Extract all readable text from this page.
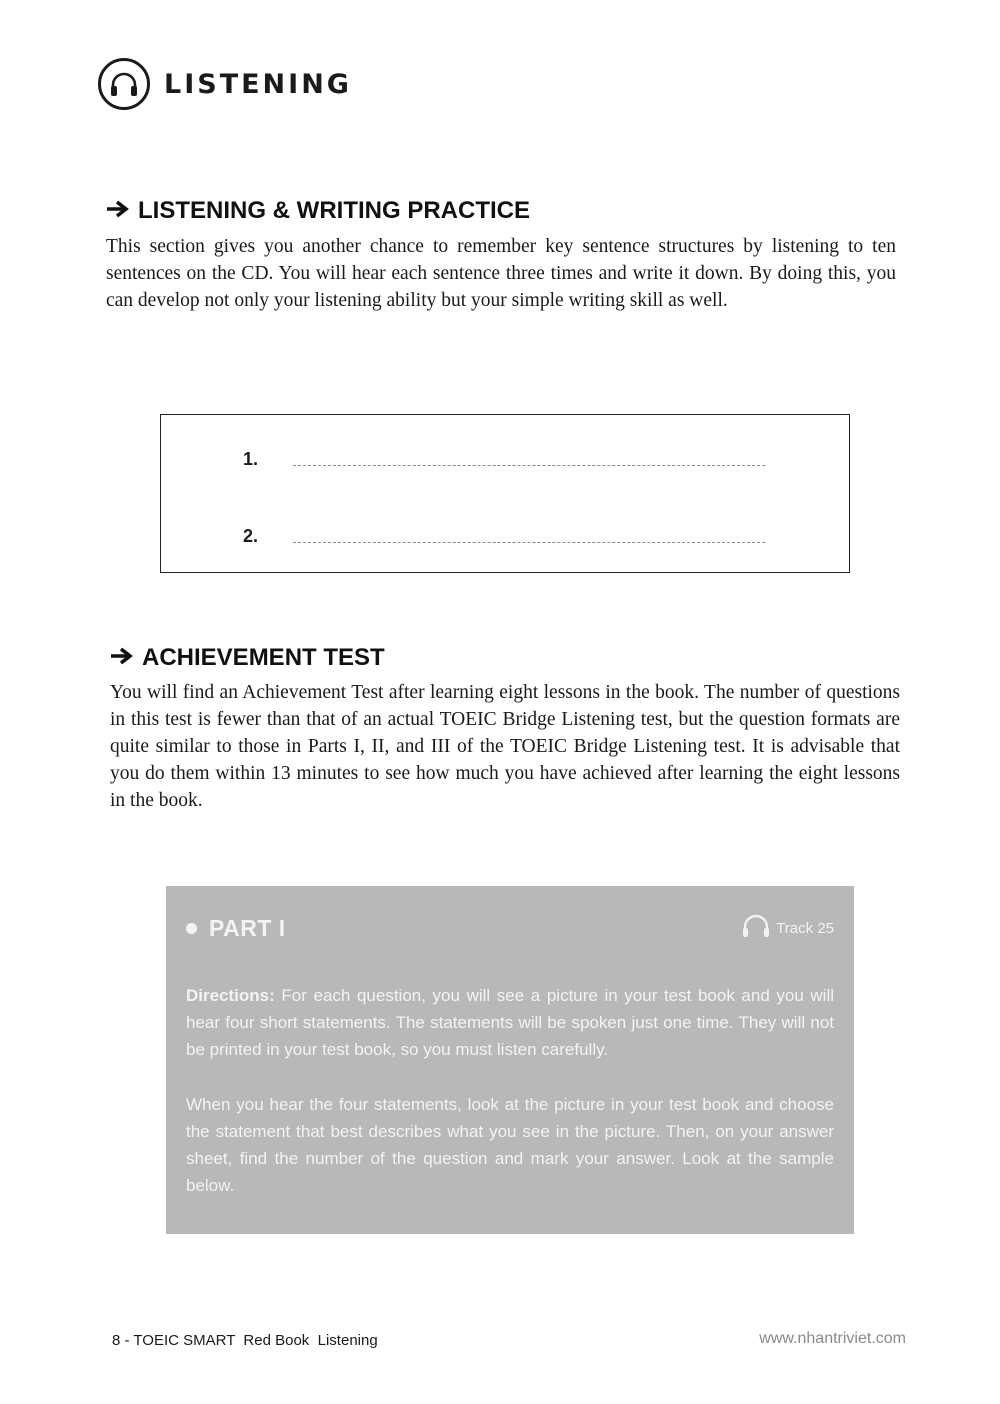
LISTENING
LISTENING & WRITING PRACTICE

This section gives you another chance to remember key sentence structures by listening to ten sentences on the CD. You will hear each sentence three times and write it down. By doing this, you can develop not only your listening ability but your simple writing skill as well.

1.
2.
ACHIEVEMENT TEST

You will find an Achievement Test after learning eight lessons in the book. The number of questions in this test is fewer than that of an actual TOEIC Bridge Listening test, but the question formats are quite similar to those in Parts I, II, and III of the TOEIC Bridge Listening test. It is advisable that you do them within 13 minutes to see how much you have achieved after learning the eight lessons in the book.

PART I	Track 25

Directions: For each question, you will see a picture in your test book and you will hear four short statements. The statements will be spoken just one time. They will not be printed in your test book, so you must listen carefully.

When you hear the four statements, look at the picture in your test book and choose the statement that best describes what you see in the picture. Then, on your answer sheet, find the number of the question and mark your answer. Look at the sample below.

8 - TOEIC SMART  Red Book  Listening	www.nhantriviet.com
